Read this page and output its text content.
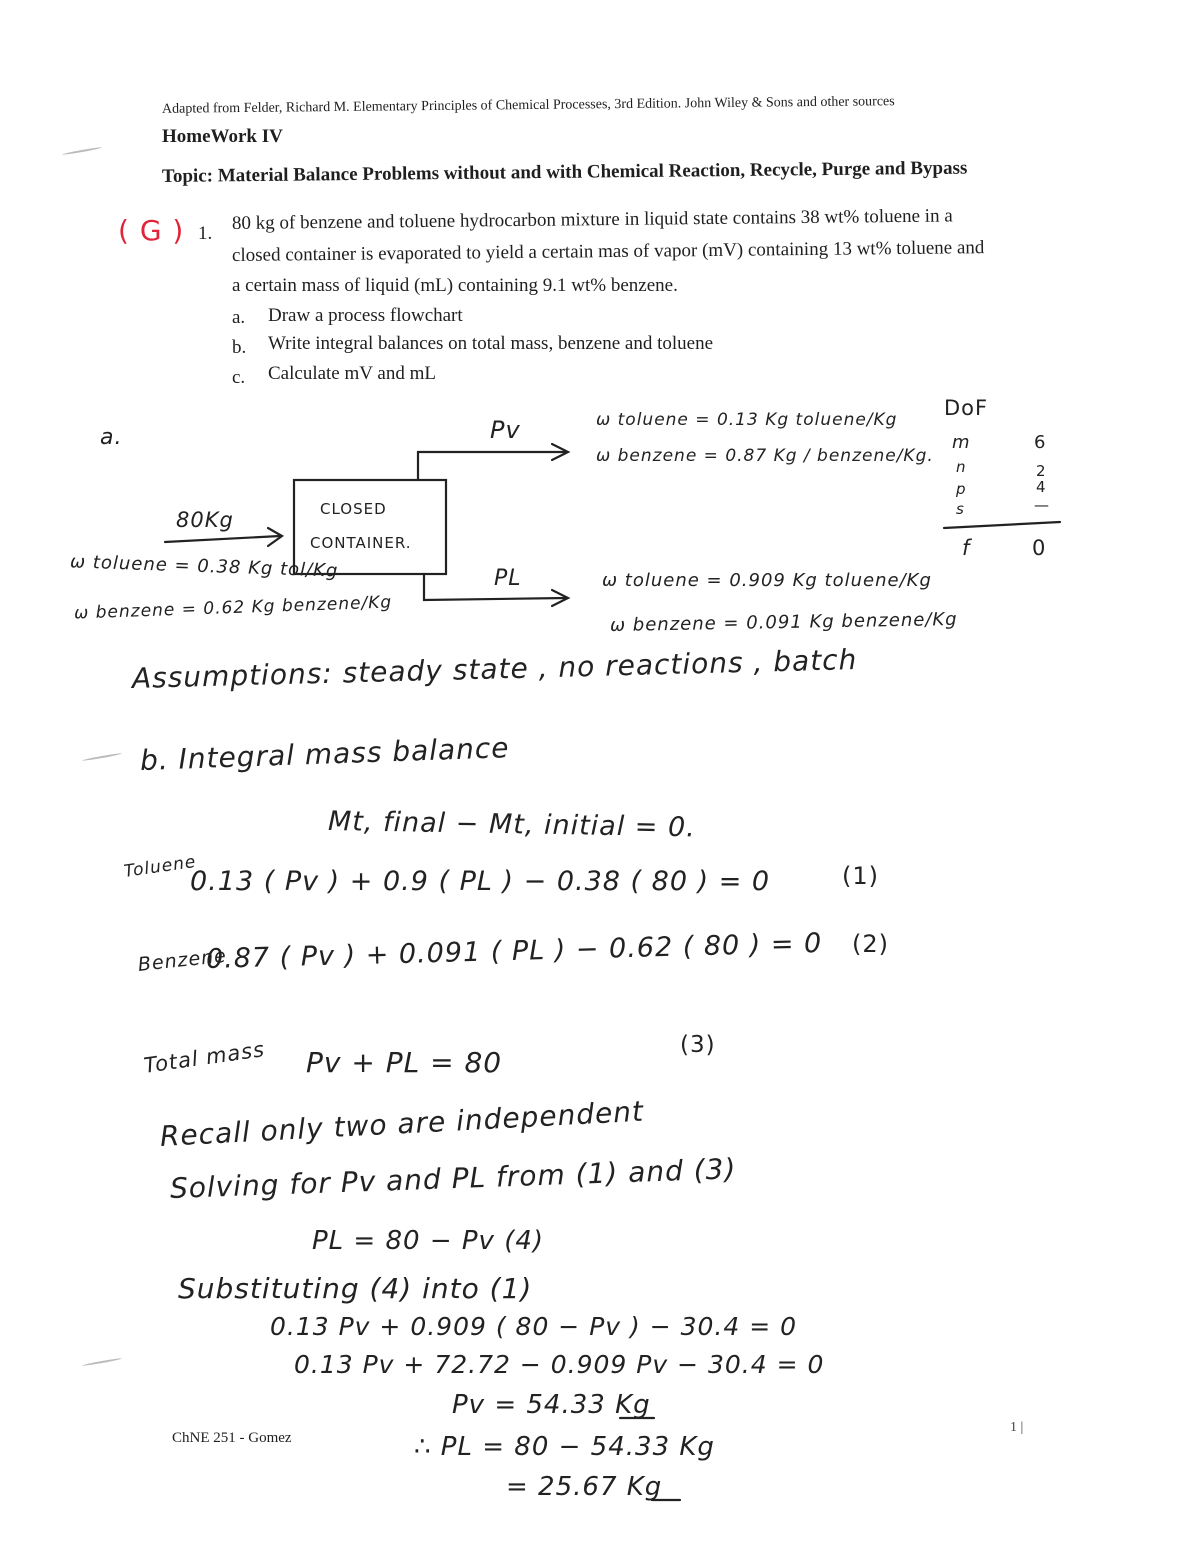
Adapted from Felder, Richard M. Elementary Principles of Chemical Processes, 3rd Edition. John Wiley & Sons and other sources
HomeWork IV
Topic: Material Balance Problems without and with Chemical Reaction, Recycle, Purge and Bypass
( G ) 1. 80 kg of benzene and toluene hydrocarbon mixture in liquid state contains 38 wt% toluene in a
closed container is evaporated to yield a certain mas of vapor (mV) containing 13 wt% toluene and
a certain mass of liquid (mL) containing 9.1 wt% benzene.
a. Draw a process flowchart
b. Write integral balances on total mass, benzene and toluene
c. Calculate mV and mL
a.
CLOSED
CONTAINER.
80Kg
ω toluene = 0.38 Kg tol/Kg
ω benzene = 0.62 Kg benzene/Kg
Pv	ω toluene = 0.13 Kg toluene/Kg
ω benzene = 0.87 Kg / benzene/Kg.
PL	ω toluene = 0.909 Kg toluene/Kg
ω benzene = 0.091 Kg benzene/Kg
DoF
m	6
n	2
p	4
s	—
f	0
Assumptions: steady state , no reactions , batch
b. Integral mass balance
Mt, final − Mt, initial = 0.
Toluene
0.13 ( Pv ) + 0.9 ( PL ) − 0.38 ( 80 ) = 0	(1)
Benzene
0.87 ( Pv ) + 0.091 ( PL ) − 0.62 ( 80 ) = 0 (2)
Total mass Pv + PL = 80
(3)
Recall only two are independent
Solving for Pv and PL from (1) and (3)
PL = 80 − Pv (4)
Substituting (4) into (1)
0.13 Pv + 0.909 ( 80 − Pv ) − 30.4 = 0
0.13 Pv + 72.72 − 0.909 Pv − 30.4 = 0
Pv = 54.33 Kg
∴ PL = 80 − 54.33 Kg
= 25.67 Kg
ChNE 251 - Gomez
1 |
